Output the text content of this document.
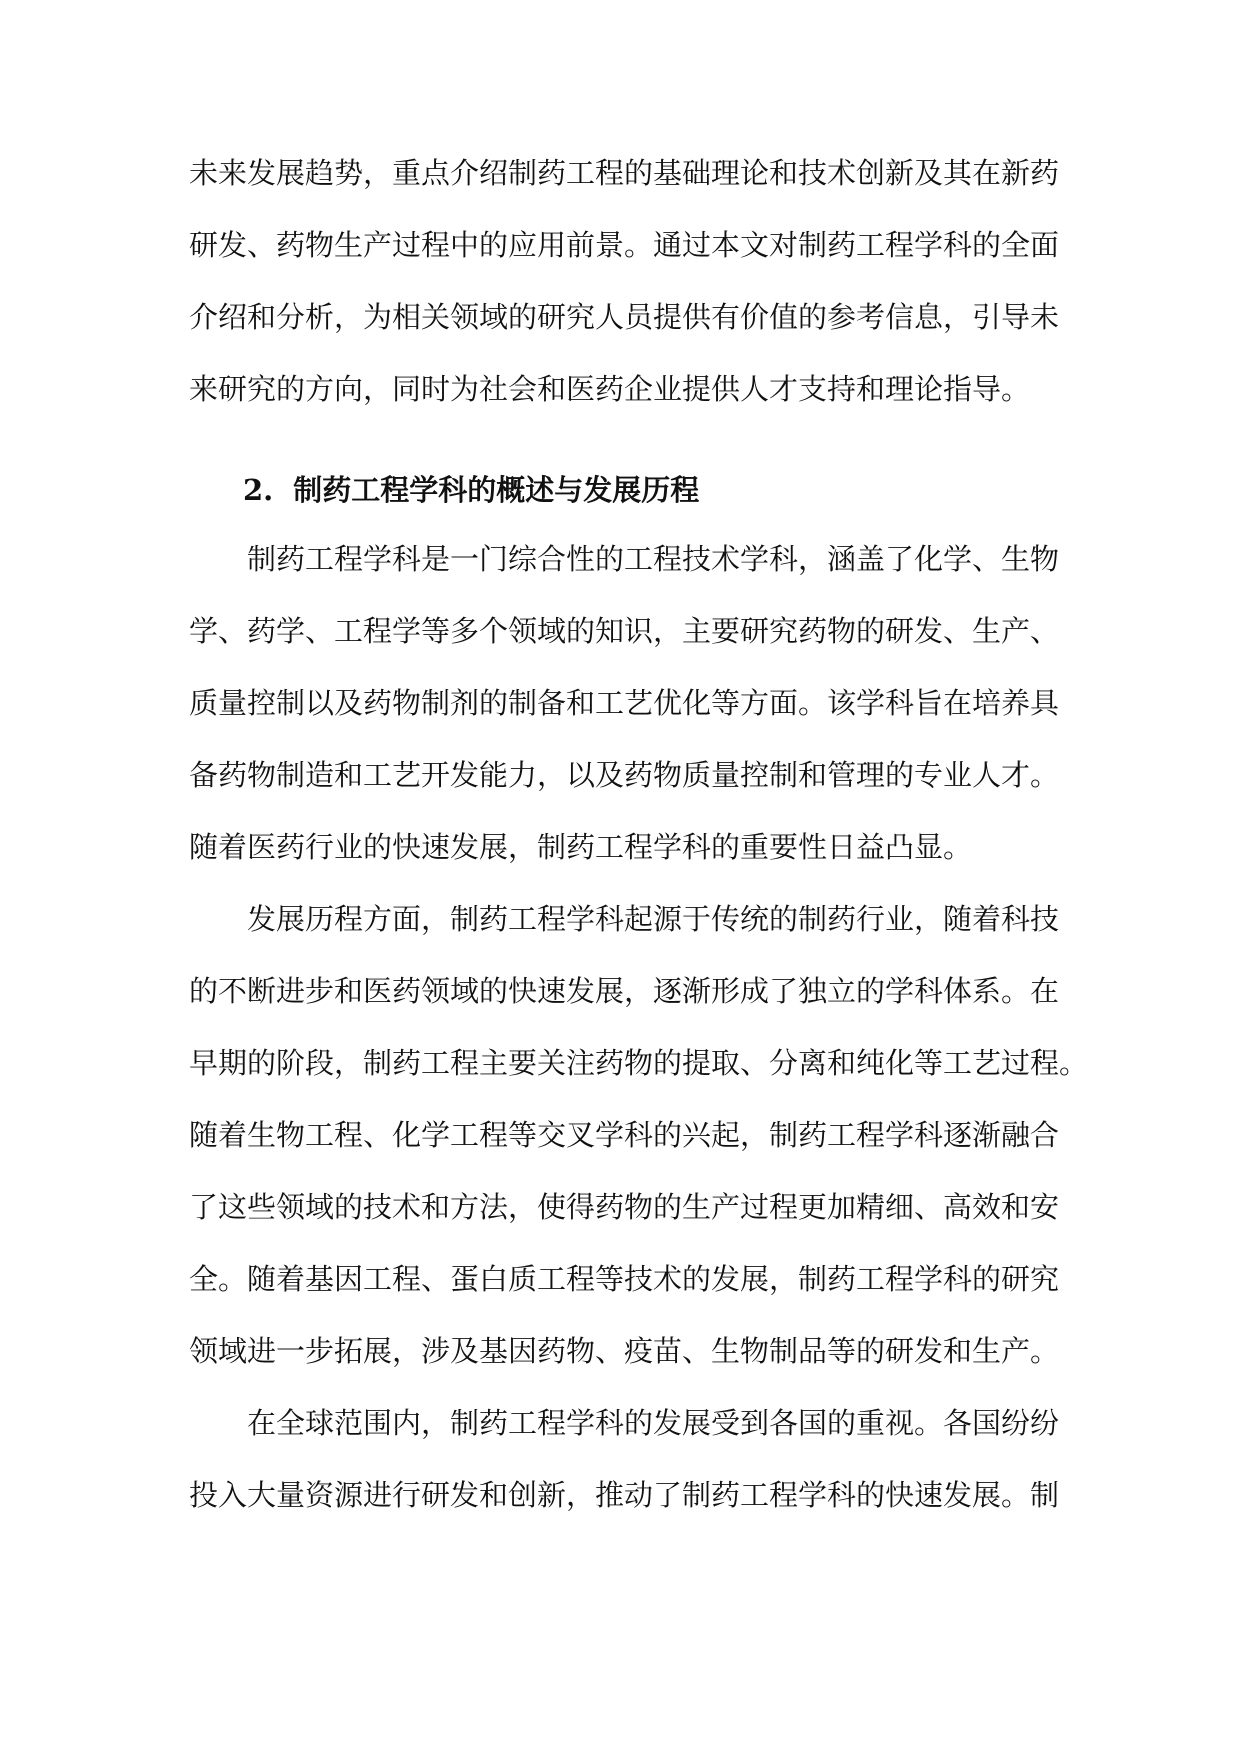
未来发展趋势，重点介绍制药工程的基础理论和技术创新及其在新药
研发、药物生产过程中的应用前景。通过本文对制药工程学科的全面
介绍和分析，为相关领域的研究人员提供有价值的参考信息，引导未
来研究的方向，同时为社会和医药企业提供人才支持和理论指导。
2. 制药工程学科的概述与发展历程
制药工程学科是一门综合性的工程技术学科，涵盖了化学、生物
学、药学、工程学等多个领域的知识，主要研究药物的研发、生产、
质量控制以及药物制剂的制备和工艺优化等方面。该学科旨在培养具
备药物制造和工艺开发能力，以及药物质量控制和管理的专业人才。
随着医药行业的快速发展，制药工程学科的重要性日益凸显。
发展历程方面，制药工程学科起源于传统的制药行业，随着科技
的不断进步和医药领域的快速发展，逐渐形成了独立的学科体系。在
早期的阶段，制药工程主要关注药物的提取、分离和纯化等工艺过程。
随着生物工程、化学工程等交叉学科的兴起，制药工程学科逐渐融合
了这些领域的技术和方法，使得药物的生产过程更加精细、高效和安
全。随着基因工程、蛋白质工程等技术的发展，制药工程学科的研究
领域进一步拓展，涉及基因药物、疫苗、生物制品等的研发和生产。
在全球范围内，制药工程学科的发展受到各国的重视。各国纷纷
投入大量资源进行研发和创新，推动了制药工程学科的快速发展。制
